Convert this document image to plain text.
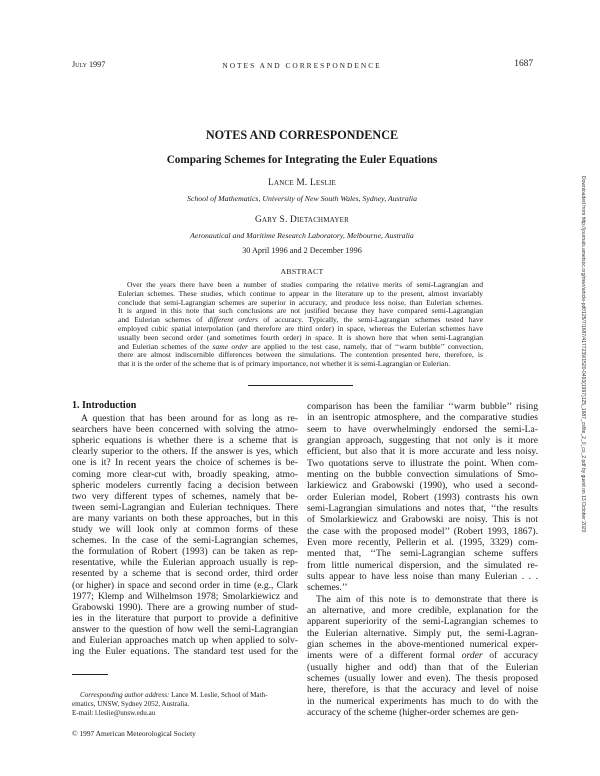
July 1997	NOTES AND CORRESPONDENCE	1687
NOTES AND CORRESPONDENCE
Comparing Schemes for Integrating the Euler Equations
Lance M. Leslie
School of Mathematics, University of New South Wales, Sydney, Australia
Gary S. Dietachmayer
Aeronautical and Maritime Research Laboratory, Melbourne, Australia
30 April 1996 and 2 December 1996
ABSTRACT
Over the years there have been a number of studies comparing the relative merits of semi-Lagrangian and
Eulerian schemes. These studies, which continue to appear in the literature up to the present, almost invariably
conclude that semi-Lagrangian schemes are superior in accuracy, and produce less noise, than Eulerian schemes.
It is argued in this note that such conclusions are not justified because they have compared semi-Lagrangian
and Eulerian schemes of different orders of accuracy. Typically, the semi-Lagrangian schemes tested have
employed cubic spatial interpolation (and therefore are third order) in space, whereas the Eulerian schemes have
usually been second order (and sometimes fourth order) in space. It is shown here that when semi-Lagrangian
and Eulerian schemes of the same order are applied to the test case, namely, that of ‘‘warm bubble’’ convection,
there are almost indiscernible differences between the simulations. The contention presented here, therefore, is
that it is the order of the scheme that is of primary importance, not whether it is semi-Lagrangian or Eulerian.
1. Introduction
A question that has been around for as long as re-
searchers have been concerned with solving the atmo-
spheric equations is whether there is a scheme that is
clearly superior to the others. If the answer is yes, which
one is it? In recent years the choice of schemes is be-
coming more clear-cut with, broadly speaking, atmo-
spheric modelers currently facing a decision between
two very different types of schemes, namely that be-
tween semi-Lagrangian and Eulerian techniques. There
are many variants on both these approaches, but in this
study we will look only at common forms of these
schemes. In the case of the semi-Lagrangian schemes,
the formulation of Robert (1993) can be taken as rep-
resentative, while the Eulerian approach usually is rep-
resented by a scheme that is second order, third order
(or higher) in space and second order in time (e.g., Clark
1977; Klemp and Wilhelmson 1978; Smolarkiewicz and
Grabowski 1990). There are a growing number of stud-
ies in the literature that purport to provide a definitive
answer to the question of how well the semi-Lagrangian
and Eulerian approaches match up when applied to solv-
ing the Euler equations. The standard test used for the
comparison has been the familiar ‘‘warm bubble’’ rising
in an isentropic atmosphere, and the comparative studies
seem to have overwhelmingly endorsed the semi-La-
grangian approach, suggesting that not only is it more
efficient, but also that it is more accurate and less noisy.
Two quotations serve to illustrate the point. When com-
menting on the bubble convection simulations of Smo-
larkiewicz and Grabowski (1990), who used a second-
order Eulerian model, Robert (1993) contrasts his own
semi-Lagrangian simulations and notes that, ‘‘the results
of Smolarkiewicz and Grabowski are noisy. This is not
the case with the proposed model’’ (Robert 1993, 1867).
Even more recently, Pellerin et al. (1995, 3329) com-
mented that, ‘‘The semi-Lagrangian scheme suffers
from little numerical dispersion, and the simulated re-
sults appear to have less noise than many Eulerian . . .
schemes.’’
The aim of this note is to demonstrate that there is
an alternative, and more credible, explanation for the
apparent superiority of the semi-Lagrangian schemes to
the Eulerian alternative. Simply put, the semi-Lagran-
gian schemes in the above-mentioned numerical exper-
iments were of a different formal order of accuracy
(usually higher and odd) than that of the Eulerian
schemes (usually lower and even). The thesis proposed
here, therefore, is that the accuracy and level of noise
in the numerical experiments has much to do with the
accuracy of the scheme (higher-order schemes are gen-
Corresponding author address: Lance M. Leslie, School of Math-
ematics, UNSW, Sydney 2052, Australia.
E-mail: l.leslie@unsw.edu.au
© 1997 American Meteorological Society
Downloaded from http://journals.ametsoc.org/mwr/article-pdf/125/7/1687/4177239/1520-0493(1997)125_1687_csfite_2_0_co_2.pdf by guest on 13 October 2020
